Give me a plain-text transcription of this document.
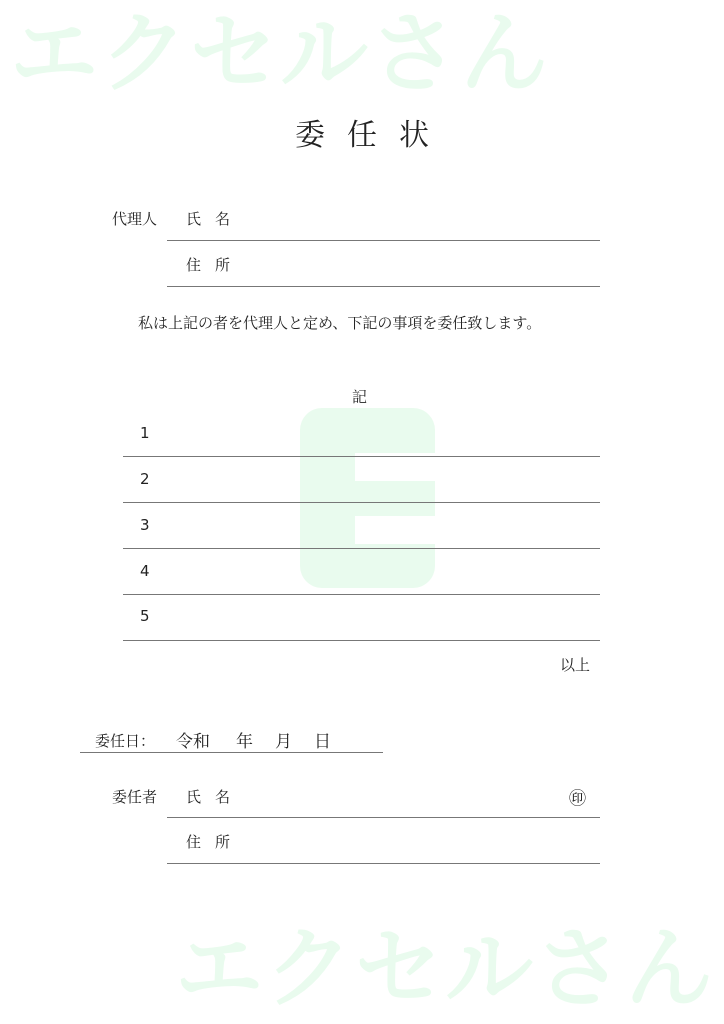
エクセルさん
エクセルさん
委任状
代理人 氏名
住所
私は上記の者を代理人と定め、下記の事項を委任致します。
記
1
2
3
4
5
以上
委任日： 令和 年 月 日
委任者 氏名	㊞
住所
